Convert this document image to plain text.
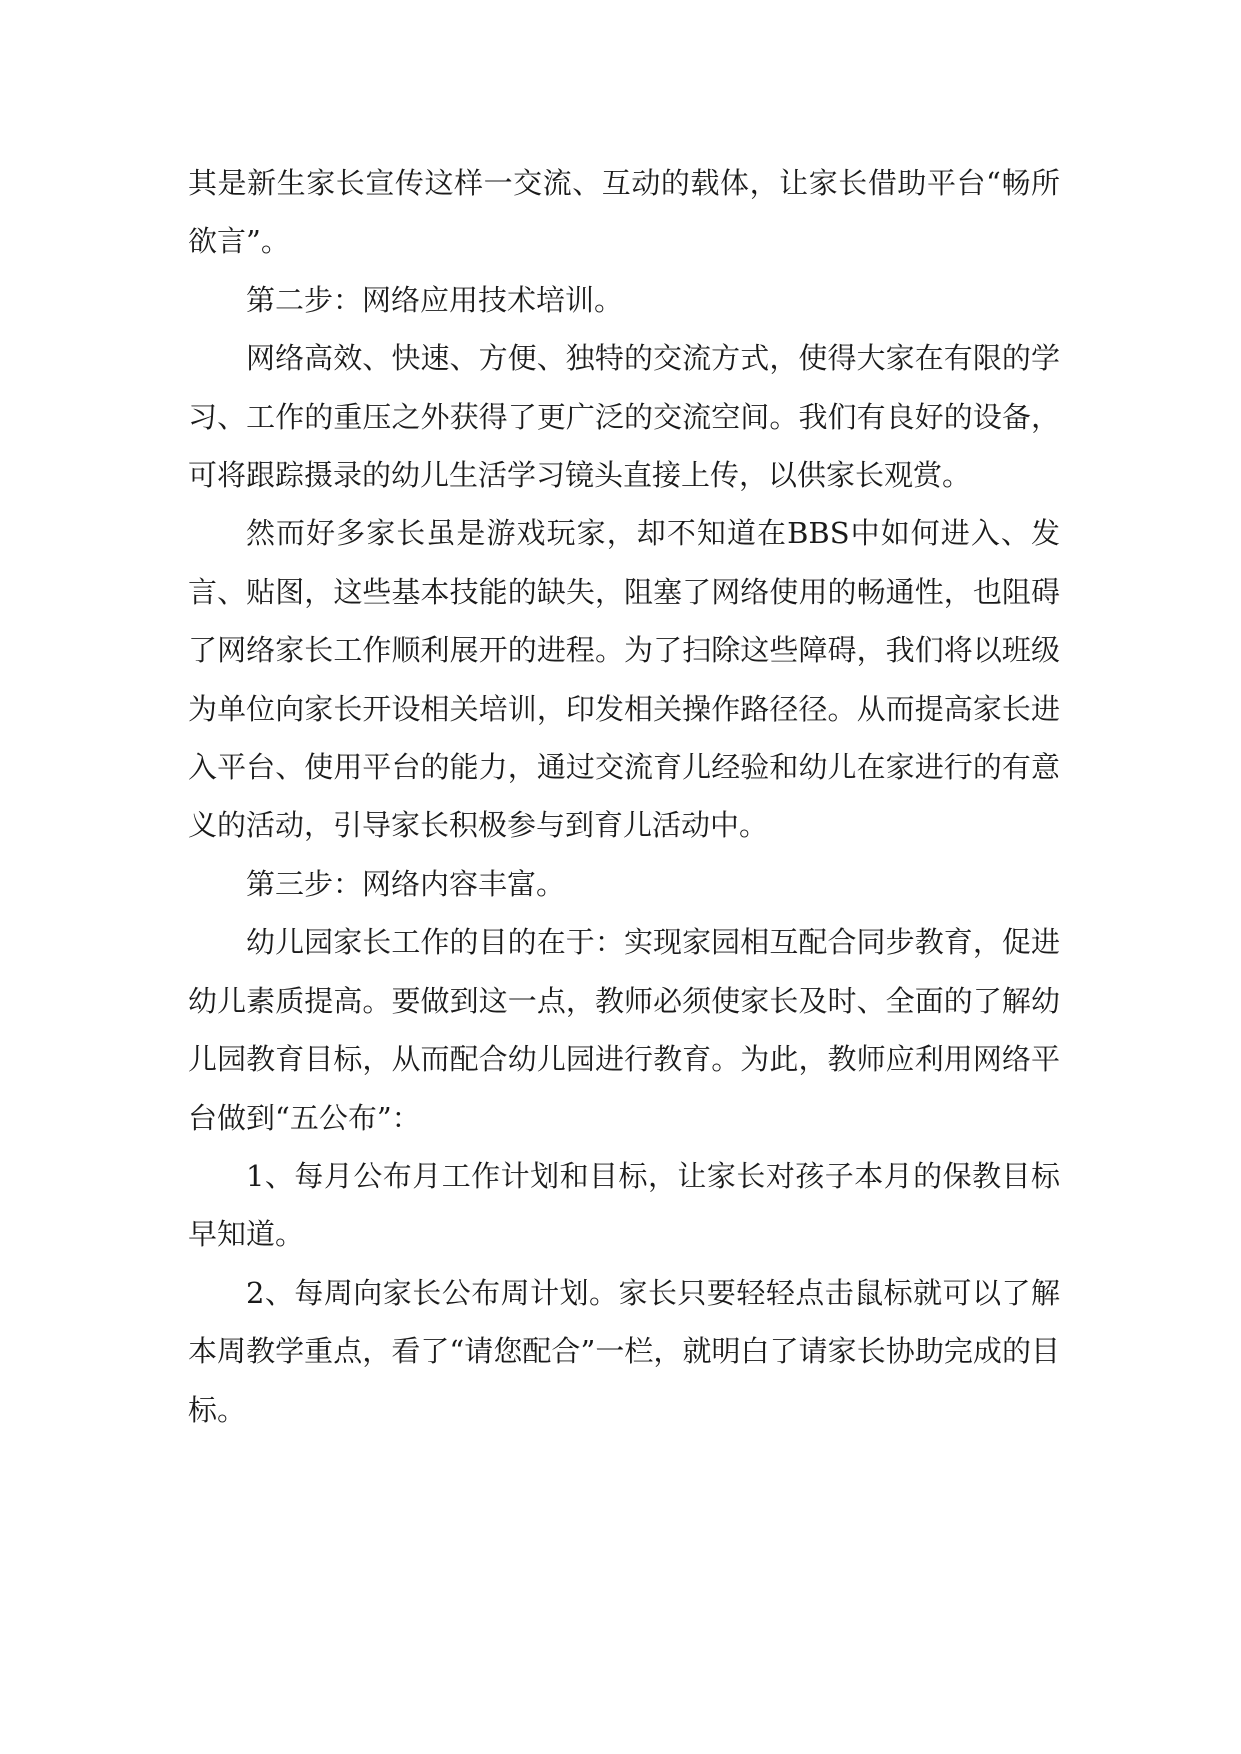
其是新生家长宣传这样一交流、互动的载体，让家长借助平台“畅所欲言”。

第二步：网络应用技术培训。

网络高效、快速、方便、独特的交流方式，使得大家在有限的学习、工作的重压之外获得了更广泛的交流空间。我们有良好的设备，可将跟踪摄录的幼儿生活学习镜头直接上传，以供家长观赏。

然而好多家长虽是游戏玩家，却不知道在BBS中如何进入、发言、贴图，这些基本技能的缺失，阻塞了网络使用的畅通性，也阻碍了网络家长工作顺利展开的进程。为了扫除这些障碍，我们将以班级为单位向家长开设相关培训，印发相关操作路径径。从而提高家长进入平台、使用平台的能力，通过交流育儿经验和幼儿在家进行的有意义的活动，引导家长积极参与到育儿活动中。

第三步：网络内容丰富。

幼儿园家长工作的目的在于：实现家园相互配合同步教育，促进幼儿素质提高。要做到这一点，教师必须使家长及时、全面的了解幼儿园教育目标，从而配合幼儿园进行教育。为此，教师应利用网络平台做到“五公布”：

1、每月公布月工作计划和目标，让家长对孩子本月的保教目标早知道。

2、每周向家长公布周计划。家长只要轻轻点击鼠标就可以了解本周教学重点，看了“请您配合”一栏，就明白了请家长协助完成的目标。
